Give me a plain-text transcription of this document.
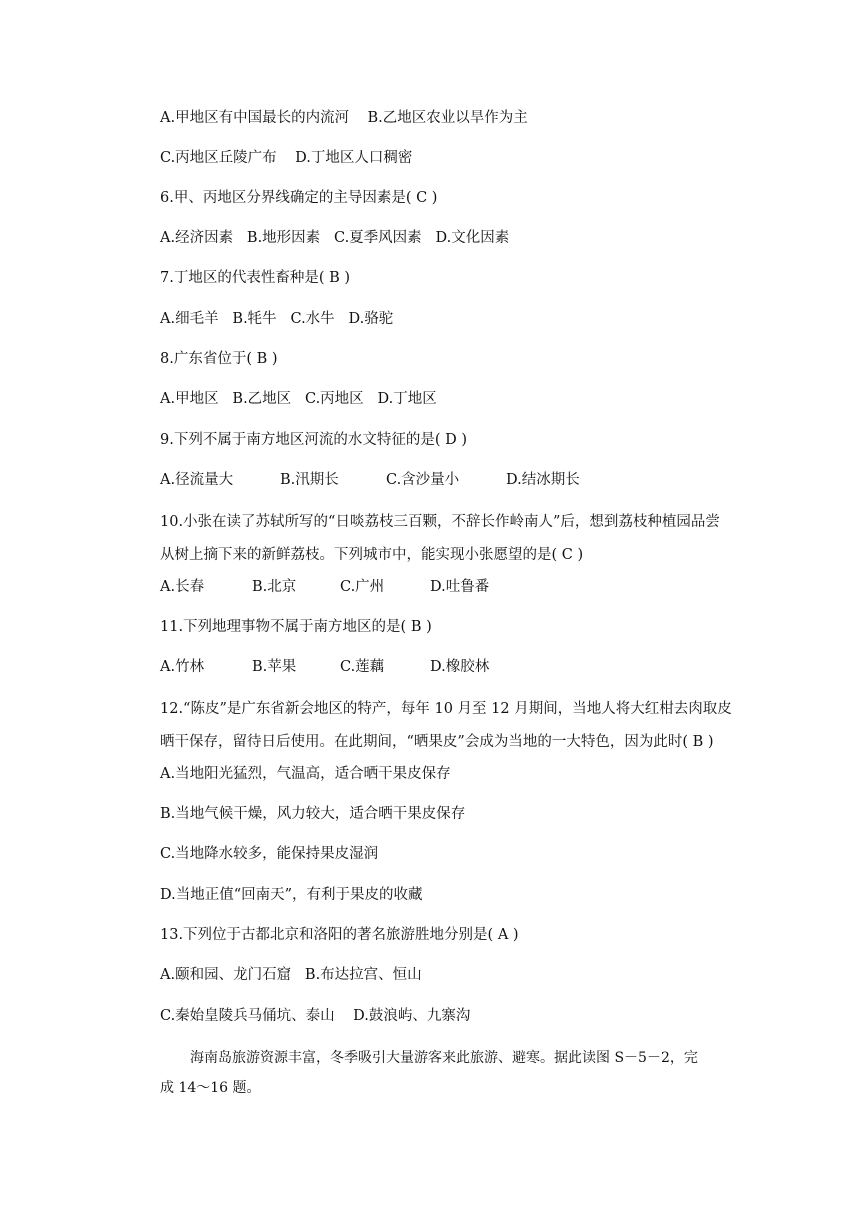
A.甲地区有中国最长的内流河    B.乙地区农业以旱作为主
C.丙地区丘陵广布    D.丁地区人口稠密
6.甲、丙地区分界线确定的主导因素是( C )
A.经济因素   B.地形因素   C.夏季风因素   D.文化因素
7.丁地区的代表性畜种是( B )
A.细毛羊   B.牦牛   C.水牛   D.骆驼
8.广东省位于( B )
A.甲地区   B.乙地区   C.丙地区   D.丁地区
9.下列不属于南方地区河流的水文特征的是( D )
A.径流量大	B.汛期长	C.含沙量小	D.结冰期长
10.小张在读了苏轼所写的“日啖荔枝三百颗，不辞长作岭南人”后，想到荔枝种植园品尝从树上摘下来的新鲜荔枝。下列城市中，能实现小张愿望的是( C )
A.长春	B.北京	C.广州	D.吐鲁番
11.下列地理事物不属于南方地区的是( B )
A.竹林	B.苹果	C.莲藕	D.橡胶林
12.“陈皮”是广东省新会地区的特产，每年 10 月至 12 月期间，当地人将大红柑去肉取皮晒干保存，留待日后使用。在此期间，“晒果皮”会成为当地的一大特色，因为此时( B )
A.当地阳光猛烈，气温高，适合晒干果皮保存
B.当地气候干燥，风力较大，适合晒干果皮保存
C.当地降水较多，能保持果皮湿润
D.当地正值“回南天”，有利于果皮的收藏
13.下列位于古都北京和洛阳的著名旅游胜地分别是( A )
A.颐和园、龙门石窟   B.布达拉宫、恒山
C.秦始皇陵兵马俑坑、泰山    D.鼓浪屿、九寨沟
海南岛旅游资源丰富，冬季吸引大量游客来此旅游、避寒。据此读图 S－5－2，完
成 14～16 题。
